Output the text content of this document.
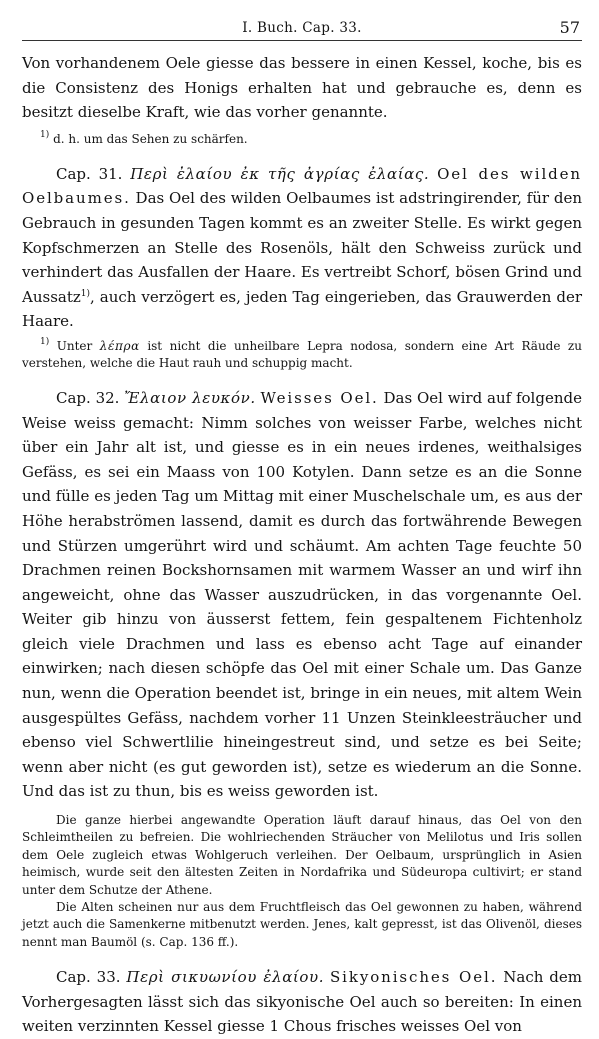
I. Buch. Cap. 33.	57

Von vorhandenem Oele giesse das bessere in einen Kessel, koche, bis es die Consistenz des Honigs erhalten hat und gebrauche es, denn es besitzt dieselbe Kraft, wie das vorher genannte.

$^{1)}$ d. h. um das Sehen zu schärfen.

Cap. 31. Περὶ ἐλαίου ἐκ τῆς ἀγρίας ἐλαίας. Oel des wilden Oelbaumes. Das Oel des wilden Oelbaumes ist adstringirender, für den Gebrauch in gesunden Tagen kommt es an zweiter Stelle. Es wirkt gegen Kopfschmerzen an Stelle des Rosenöls, hält den Schweiss zurück und verhindert das Ausfallen der Haare. Es vertreibt Schorf, bösen Grind und Aussatz$^{1)}$, auch verzögert es, jeden Tag eingerieben, das Grauwerden der Haare.

$^{1)}$ Unter λέπρα ist nicht die unheilbare Lepra nodosa, sondern eine Art Räude zu verstehen, welche die Haut rauh und schuppig macht.

Cap. 32. Ἔλαιον λευκόν. Weisses Oel. Das Oel wird auf folgende Weise weiss gemacht: Nimm solches von weisser Farbe, welches nicht über ein Jahr alt ist, und giesse es in ein neues irdenes, weithalsiges Gefäss, es sei ein Maass von 100 Kotylen. Dann setze es an die Sonne und fülle es jeden Tag um Mittag mit einer Muschelschale um, es aus der Höhe herabströmen lassend, damit es durch das fortwährende Bewegen und Stürzen umgerührt wird und schäumt. Am achten Tage feuchte 50 Drachmen reinen Bockshornsamen mit warmem Wasser an und wirf ihn angeweicht, ohne das Wasser auszudrücken, in das vorgenannte Oel. Weiter gib hinzu von äusserst fettem, fein gespaltenem Fichtenholz gleich viele Drachmen und lass es ebenso acht Tage auf einander einwirken; nach diesen schöpfe das Oel mit einer Schale um. Das Ganze nun, wenn die Operation beendet ist, bringe in ein neues, mit altem Wein ausgespültes Gefäss, nachdem vorher 11 Unzen Steinkleesträucher und ebenso viel Schwertlilie hineingestreut sind, und setze es bei Seite; wenn aber nicht (es gut geworden ist), setze es wiederum an die Sonne. Und das ist zu thun, bis es weiss geworden ist.

Die ganze hierbei angewandte Operation läuft darauf hinaus, das Oel von den Schleimtheilen zu befreien. Die wohlriechenden Sträucher von Melilotus und Iris sollen dem Oele zugleich etwas Wohlgeruch verleihen. Der Oelbaum, ursprünglich in Asien heimisch, wurde seit den ältesten Zeiten in Nordafrika und Südeuropa cultivirt; er stand unter dem Schutze der Athene.

Die Alten scheinen nur aus dem Fruchtfleisch das Oel gewonnen zu haben, während jetzt auch die Samenkerne mitbenutzt werden. Jenes, kalt gepresst, ist das Olivenöl, dieses nennt man Baumöl (s. Cap. 136 ff.).

Cap. 33. Περὶ σικυωνίου ἐλαίου. Sikyonisches Oel. Nach dem Vorhergesagten lässt sich das sikyonische Oel auch so bereiten: In einen weiten verzinnten Kessel giesse 1 Chous frisches weisses Oel von
